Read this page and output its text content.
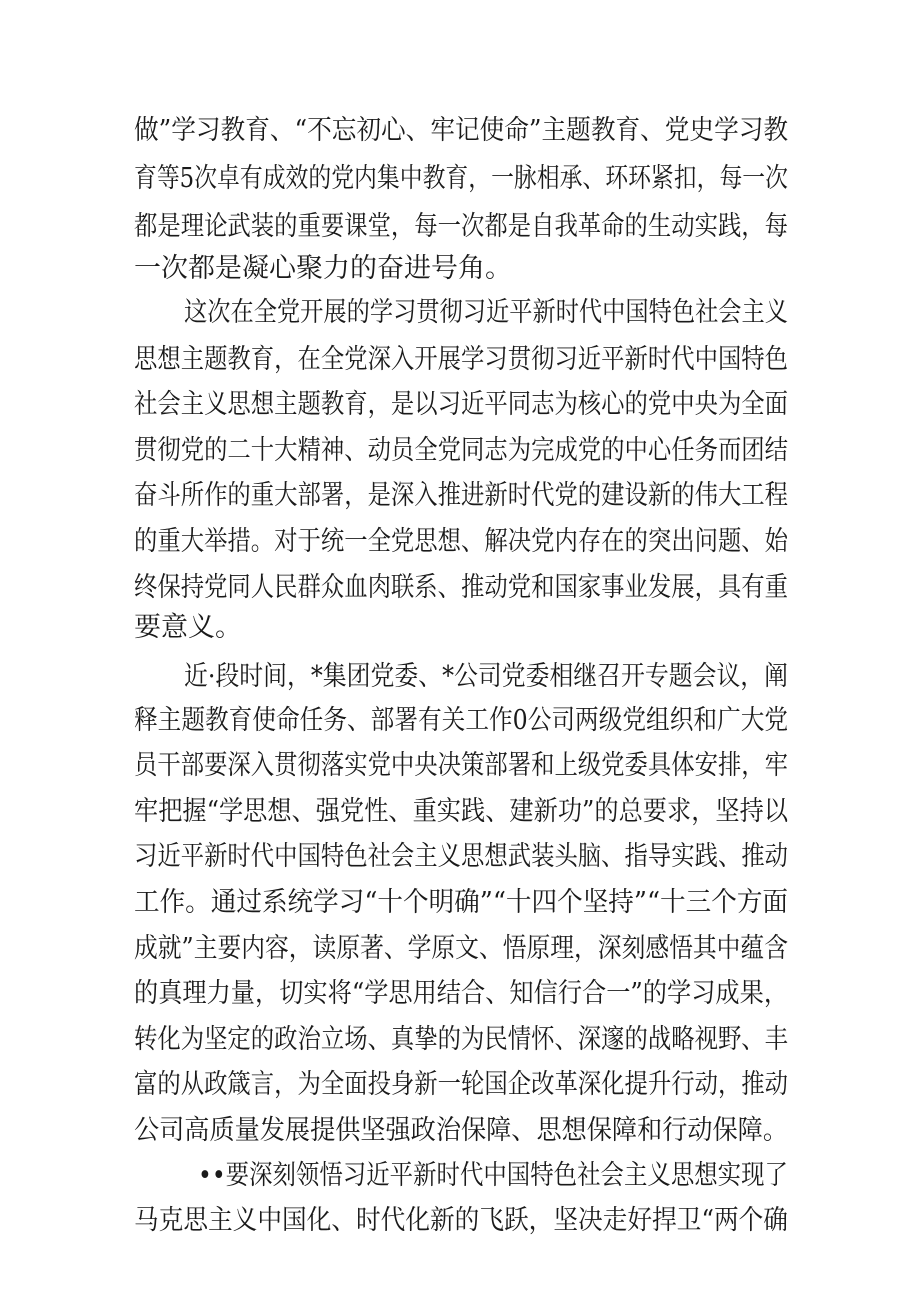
做”学习教育、“不忘初心、牢记使命”主题教育、党史学习教
育等5次卓有成效的党内集中教育，一脉相承、环环紧扣，每一次
都是理论武装的重要课堂，每一次都是自我革命的生动实践，每
一次都是凝心聚力的奋进号角。
这次在全党开展的学习贯彻习近平新时代中国特色社会主义
思想主题教育，在全党深入开展学习贯彻习近平新时代中国特色
社会主义思想主题教育，是以习近平同志为核心的党中央为全面
贯彻党的二十大精神、动员全党同志为完成党的中心任务而团结
奋斗所作的重大部署，是深入推进新时代党的建设新的伟大工程
的重大举措。对于统一全党思想、解决党内存在的突出问题、始
终保持党同人民群众血肉联系、推动党和国家事业发展，具有重
要意义。
近·段时间，*集团党委、*公司党委相继召开专题会议，阐
释主题教育使命任务、部署有关工作0公司两级党组织和广大党
员干部要深入贯彻落实党中央决策部署和上级党委具体安排，牢
牢把握“学思想、强党性、重实践、建新功”的总要求，坚持以
习近平新时代中国特色社会主义思想武装头脑、指导实践、推动
工作。通过系统学习“十个明确”“十四个坚持”“十三个方面
成就”主要内容，读原著、学原文、悟原理，深刻感悟其中蕴含
的真理力量，切实将“学思用结合、知信行合一”的学习成果，
转化为坚定的政治立场、真挚的为民情怀、深邃的战略视野、丰
富的从政箴言，为全面投身新一轮国企改革深化提升行动，推动
公司高质量发展提供坚强政治保障、思想保障和行动保障。
••要深刻领悟习近平新时代中国特色社会主义思想实现了
马克思主义中国化、时代化新的飞跃，坚决走好捍卫“两个确
